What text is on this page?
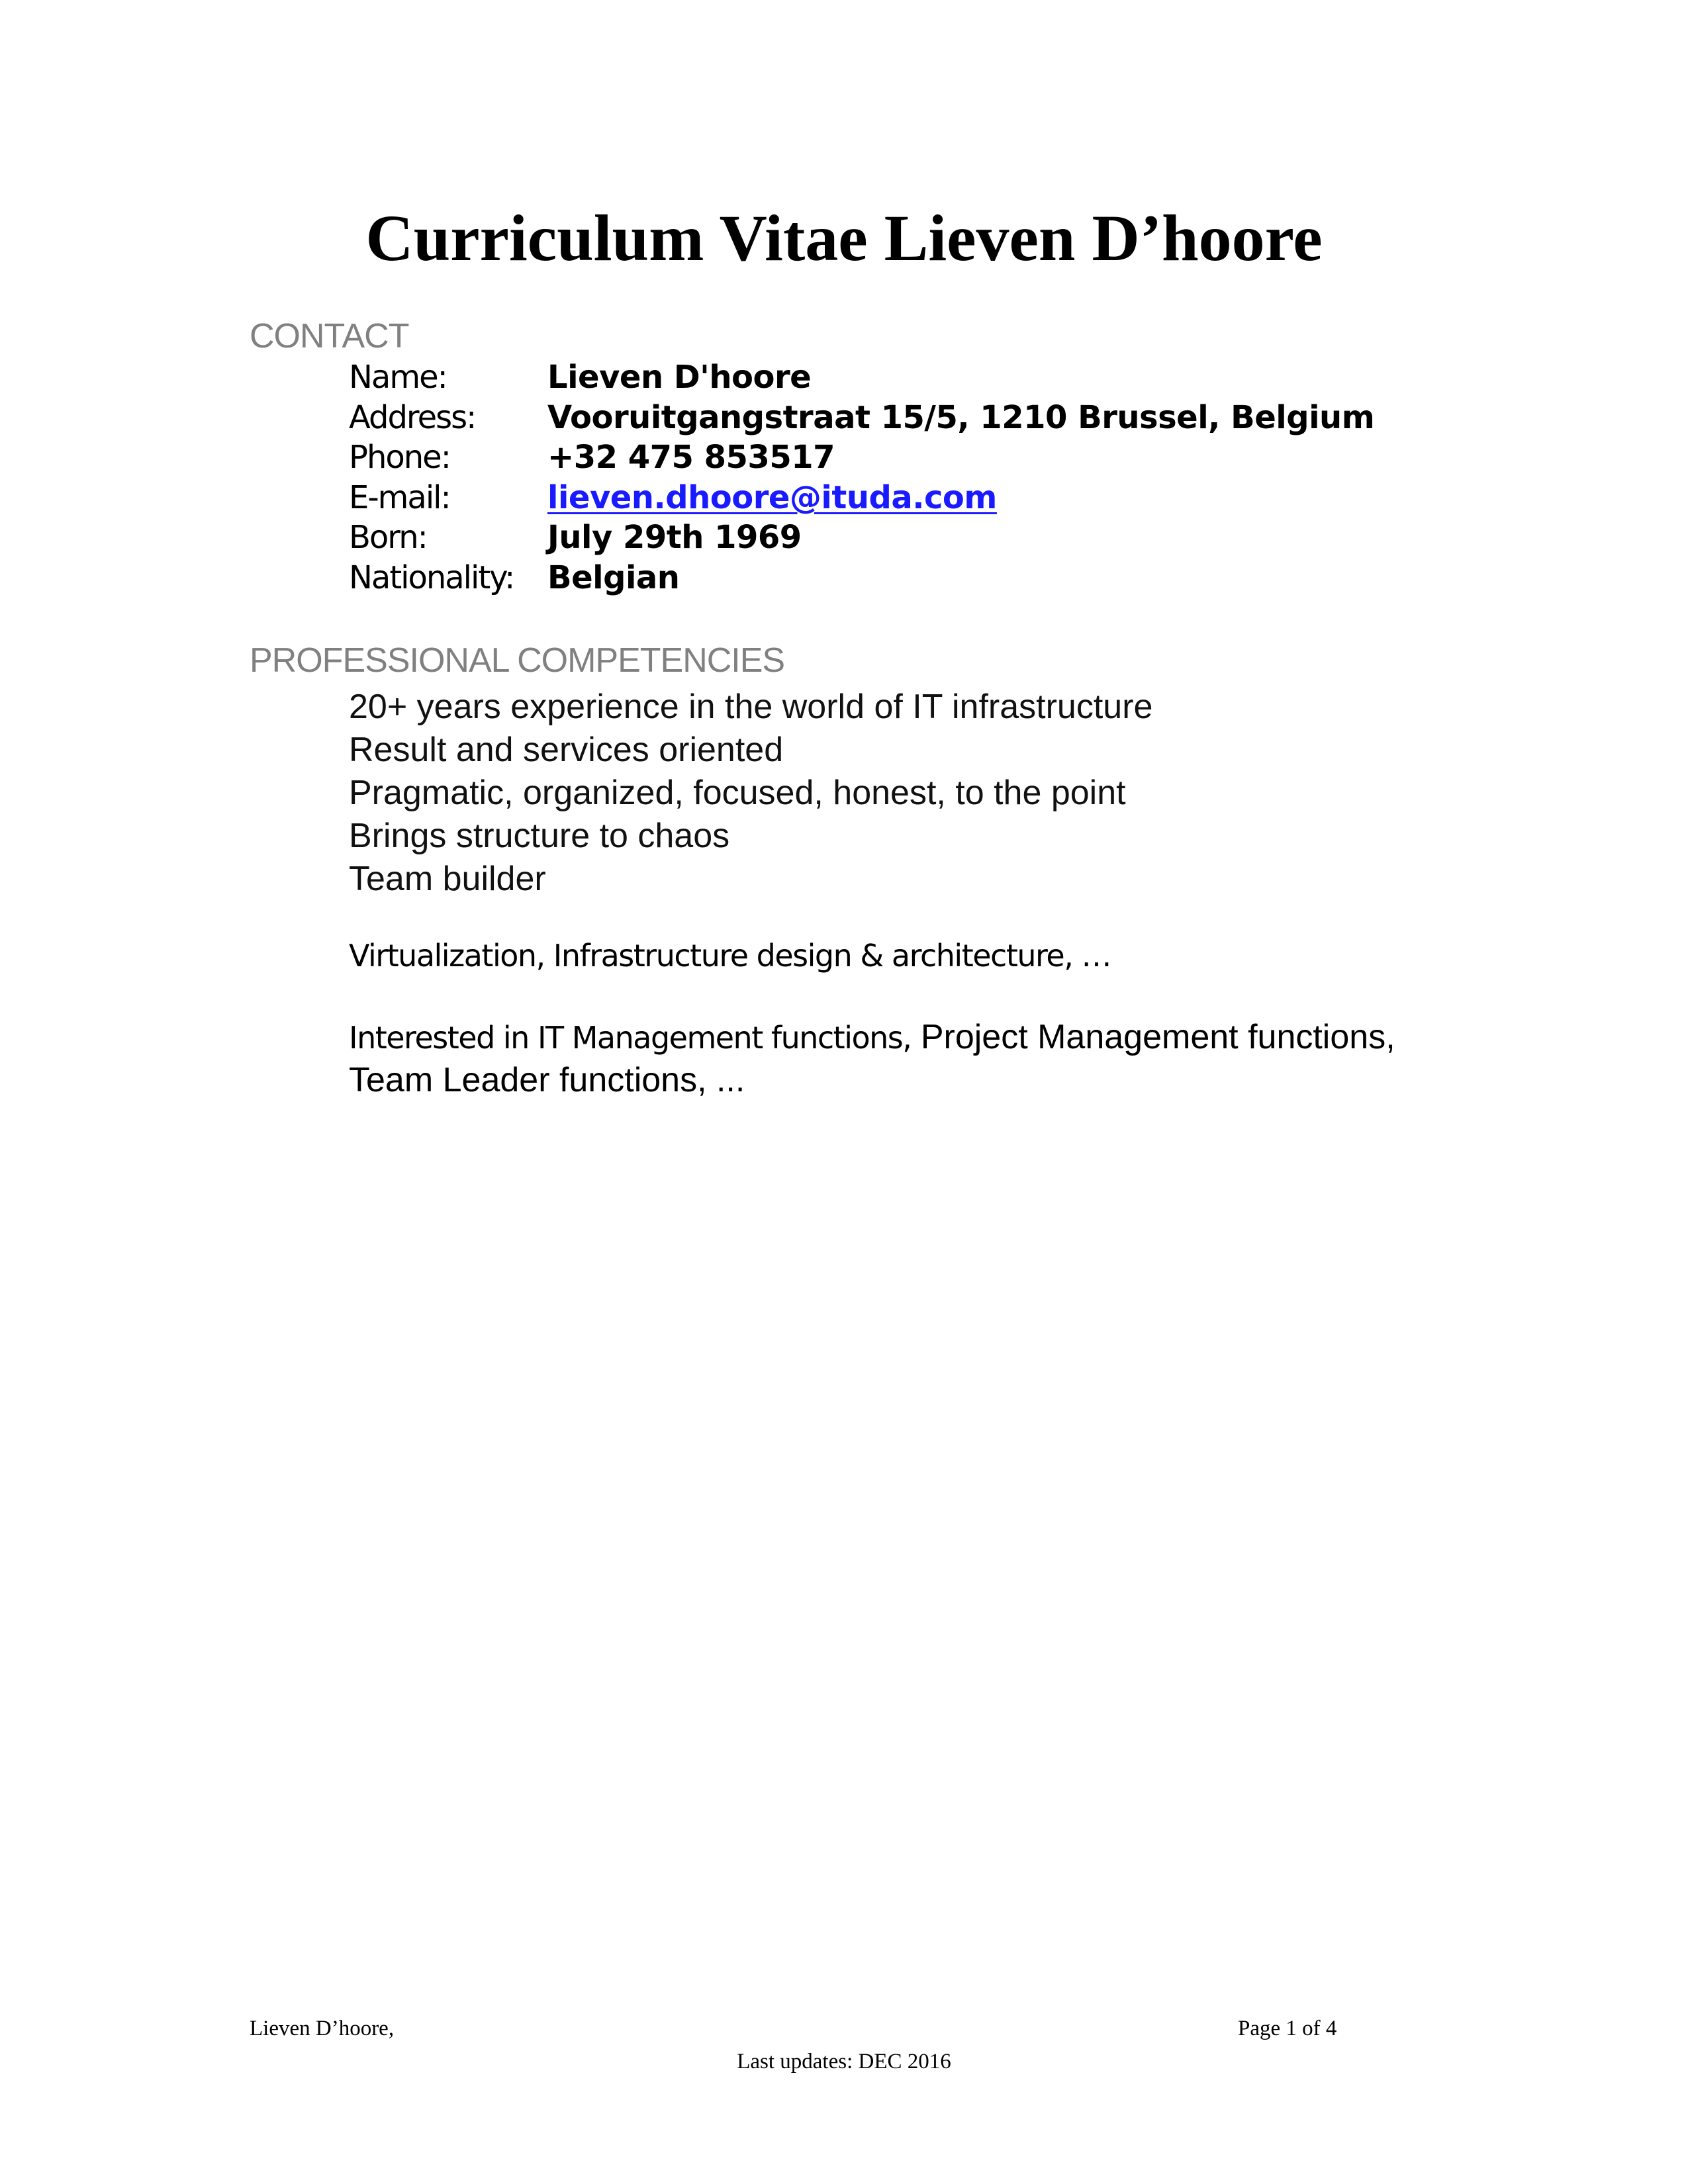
Curriculum Vitae Lieven D’hoore
CONTACT
Name:	Lieven D'hoore
Address:	Vooruitgangstraat 15/5, 1210 Brussel, Belgium
Phone:	+32 475 853517
E-mail:	lieven.dhoore@ituda.com
Born:	July 29th 1969
Nationality:	Belgian
PROFESSIONAL COMPETENCIES
20+ years experience in the world of IT infrastructure
Result and services oriented
Pragmatic, organized, focused, honest, to the point
Brings structure to chaos
Team builder

Virtualization, Infrastructure design & architecture, …

Interested in IT Management functions, Project Management functions,
Team Leader functions, ...

Lieven D’hoore,	Page 1 of 4
Last updates: DEC 2016
